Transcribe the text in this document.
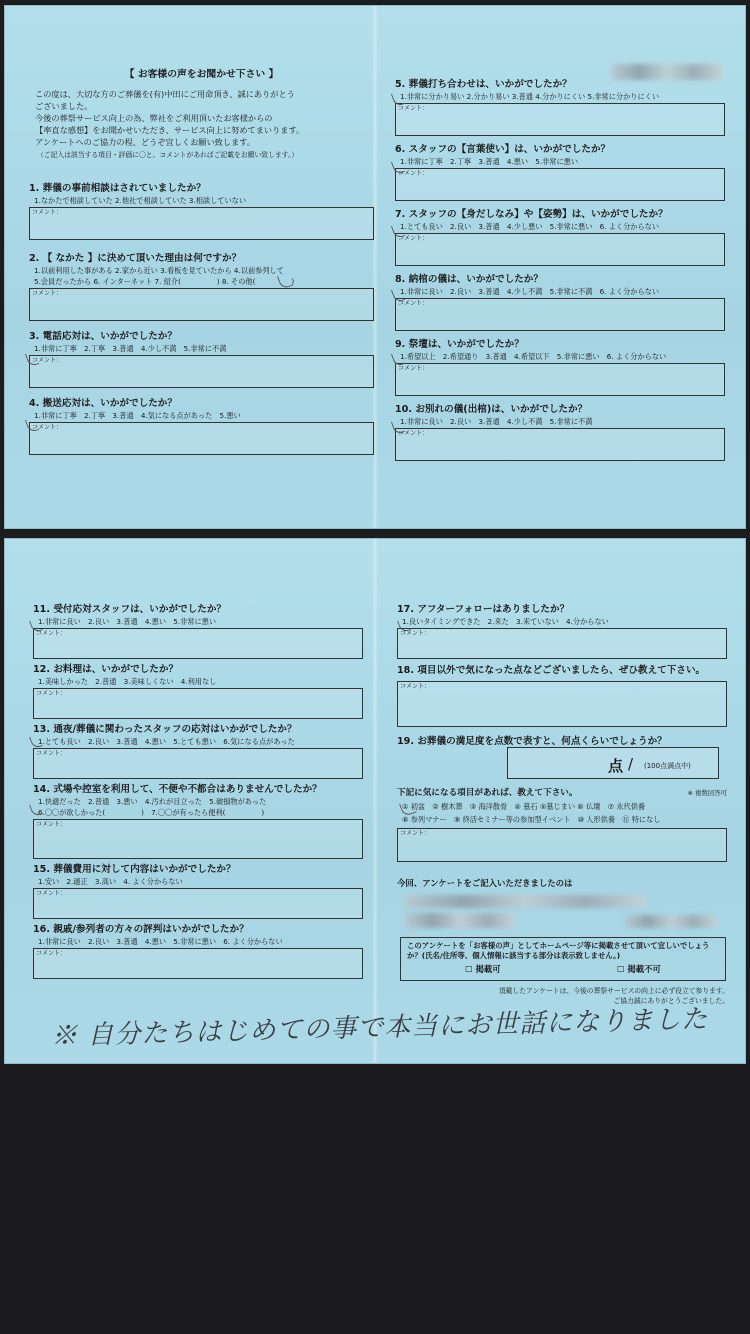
【 お客様の声をお聞かせ下さい 】
この度は、大切な方のご葬儀を(有)中田にご用命頂き、誠にありがとう
ございました。
今後の葬祭サービス向上の為、弊社をご利用頂いたお客様からの
【率直な感想】をお聞かせいただき、サービス向上に努めてまいります。
アンケートへのご協力の程、どうぞ宜しくお願い致します。
（ご記入は該当する項目・評価に〇と、コメントがあればご記載をお願い致します。）
1. 葬儀の事前相談はされていましたか？
1.なかたで相談していた 2.他社で相談していた 3.相談していない
コメント：
2. 【 なかた 】に決めて頂いた理由は何ですか？
1.以前利用した事がある 2.家から近い 3.看板を見ていたから 4.以前参列して
5.会員だったから 6. インターネット 7. 紹介(　　　　　) 8. その他(　　　　　)
コメント：
3. 電話応対は、いかがでしたか？
1.非常に丁寧　2.丁寧　3.普通　4.少し不満　5.非常に不満
コメント：
4. 搬送応対は、いかがでしたか？
1.非常に丁寧　2.丁寧　3.普通　4.気になる点があった　5.悪い
コメント：
5. 葬儀打ち合わせは、いかがでしたか？
1.非常に分かり易い 2.分かり易い 3.普通 4.分かりにくい 5.非常に分かりにくい
コメント：
6. スタッフの【言葉使い】は、いかがでしたか？
1.非常に丁寧　2.丁寧　3.普通　4.悪い　5.非常に悪い
コメント：
7. スタッフの【身だしなみ】や【姿勢】は、いかがでしたか？
1.とても良い　2.良い　3.普通　4.少し悪い　5.非常に悪い　6. よく分からない
コメント：
8. 納棺の儀は、いかがでしたか？
1.非常に良い　2.良い　3.普通　4.少し不満　5.非常に不満　6. よく分からない
コメント：
9. 祭壇は、いかがでしたか？
1.希望以上　2.希望通り　3.普通　4.希望以下　5.非常に悪い　6. よく分からない
コメント：
10. お別れの儀(出棺)は、いかがでしたか？
1.非常に良い　2.良い　3.普通　4.少し不満　5.非常に不満
コメント：
11. 受付応対スタッフは、いかがでしたか？
1.非常に良い　2.良い　3.普通　4.悪い　5.非常に悪い
コメント：
12. お料理は、いかがでしたか？
1.美味しかった　2.普通　3.美味しくない　4.利用なし
コメント：
13. 通夜/葬儀に関わったスタッフの応対はいかがでしたか？
1.とても良い　2.良い　3.普通　4.悪い　5.とても悪い　6.気になる点があった
コメント：
14. 式場や控室を利用して、不便や不都合はありませんでしたか？
1.快適だった　2.普通　3.悪い　4.汚れが目立った　5.破損物があった
6.〇〇が欲しかった(　　　　　)　7.〇〇が有ったら便利(　　　　　)
コメント：
15. 葬儀費用に対して内容はいかがでしたか？
1.安い　2.適正　3.高い　4. よく分からない
コメント：
16. 親戚/参列者の方々の評判はいかがでしたか？
1.非常に良い　2.良い　3.普通　4.悪い　5.非常に悪い　6. よく分からない
コメント：
17. アフターフォローはありましたか？
1.良いタイミングできた　2.来た　3.来ていない　4.分からない
コメント：
18. 項目以外で気になった点などございましたら、ぜひ教えて下さい。
コメント：
19. お葬儀の満足度を点数で表すと、何点くらいでしょうか？
点 / (100点満点中)
下記に気になる項目があれば、教えて下さい。	※ 複数回答可
① 初盆　② 樹木葬　③ 海洋散骨　④ 墓石 ⑤墓じまい ⑥ 仏壇　⑦ 永代供養
⑧ 参列マナー　⑨ 終活セミナー等の参加型イベント　⑩ 人形供養　⑪ 特になし
コメント：
今回、アンケートをご記入いただきましたのは
このアンケートを「お客様の声」としてホームページ等に掲載させて頂いて宜しいでしょうか？(氏名/住所等、個人情報に該当する部分は表示致しません。)
☐ 掲載可	☐ 掲載不可
頂戴したアンケートは、今後の葬祭サービスの向上に必ず役立て参ります。
ご協力誠にありがとうございました。
※ 自分たちはじめての事で本当にお世話になりました
